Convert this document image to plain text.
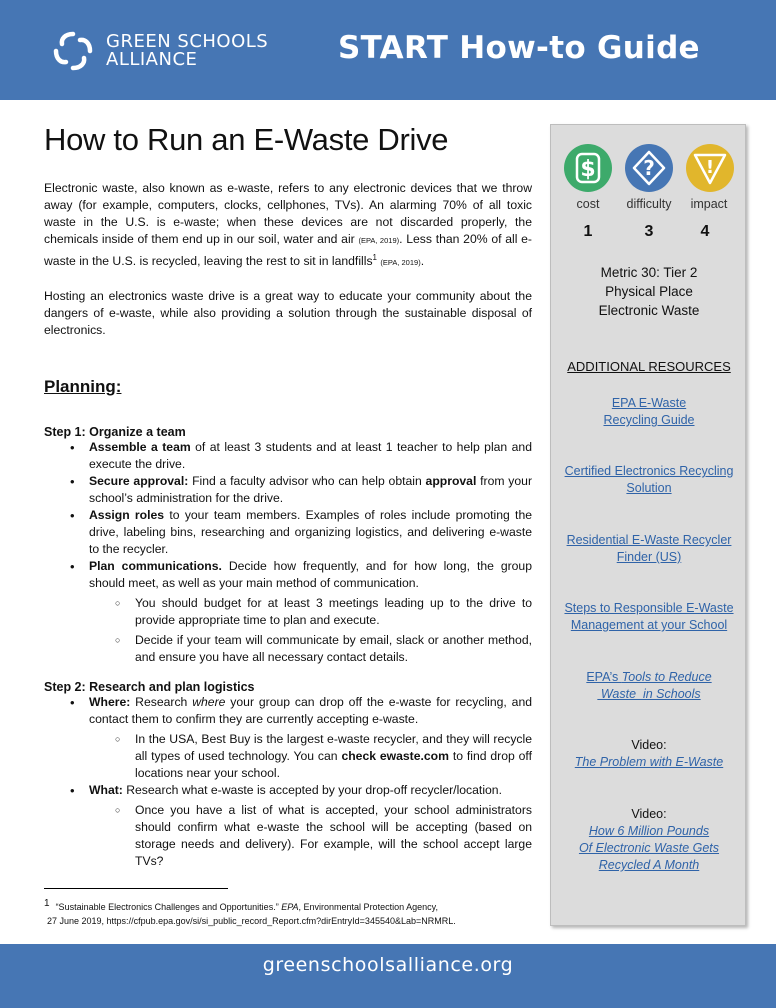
GREEN SCHOOLS
ALLIANCE	START How-to Guide
How to Run an E-Waste Drive

Electronic waste, also known as e-waste, refers to any electronic devices that we throw away (for example, computers, clocks, cellphones, TVs). An alarming 70% of all toxic waste in the U.S. is e-waste; when these devices are not discarded properly, the chemicals inside of them end up in our soil, water and air (EPA, 2019). Less than 20% of all e-waste in the U.S. is recycled, leaving the rest to sit in landfills$^1$ (EPA, 2019).

Hosting an electronics waste drive is a great way to educate your community about the dangers of e-waste, while also providing a solution through the sustainable disposal of electronics.

Planning:
Step 1: Organize a team
• Assemble a team of at least 3 students and at least 1 teacher to help plan and execute the drive.
• Secure approval: Find a faculty advisor who can help obtain approval from your school’s administration for the drive.
• Assign roles to your team members. Examples of roles include promoting the drive, labeling bins, researching and organizing logistics, and delivering e-waste to the recycler.
• Plan communications. Decide how frequently, and for how long, the group should meet, as well as your main method of communication.
○ You should budget for at least 3 meetings leading up to the drive to provide appropriate time to plan and execute.
○ Decide if your team will communicate by email, slack or another method, and ensure you have all necessary contact details.
Step 2: Research and plan logistics
• Where: Research where your group can drop off the e-waste for recycling, and contact them to confirm they are currently accepting e-waste.
○ In the USA, Best Buy is the largest e-waste recycler, and they will recycle all types of used technology. You can check ewaste.com to find drop off locations near your school.
• What: Research what e-waste is accepted by your drop-off recycler/location.
○ Once you have a list of what is accepted, your school administrators should confirm what e-waste the school will be accepting (based on storage needs and delivery). For example, will the school accept large TVs?
1 “Sustainable Electronics Challenges and Opportunities.” EPA, Environmental Protection Agency,
27 June 2019, https://cfpub.epa.gov/si/si_public_record_Report.cfm?dirEntryId=345540&Lab=NRMRL.
$ ?	!
cost	difficulty	impact
1	3	4
Metric 30: Tier 2
Physical Place
Electronic Waste
ADDITIONAL RESOURCES
EPA E-Waste
Recycling Guide
Certified Electronics Recycling
Solution
Residential E-Waste Recycler
Finder (US)
Steps to Responsible E-Waste
Management at your School
EPA’s Tools to Reduce
Waste  in Schools
Video:
The Problem with E-Waste
Video:
How 6 Million Pounds
Of Electronic Waste Gets
Recycled A Month
greenschoolsalliance.org
